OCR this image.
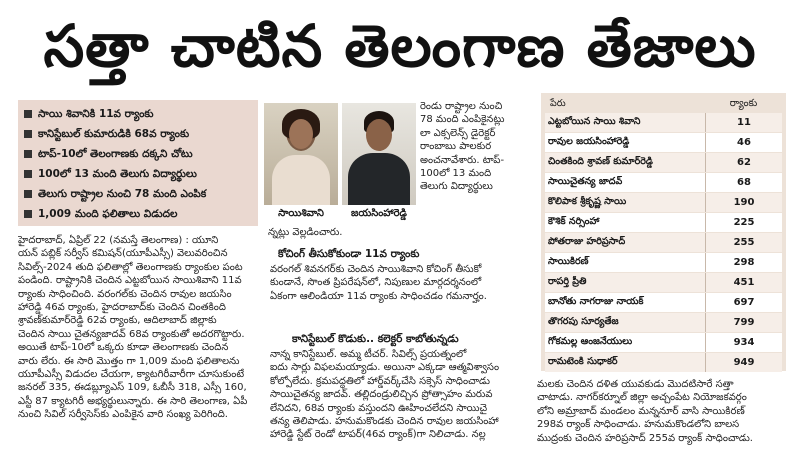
సత్తా చాటిన తెలంగాణ తేజాలు
సాయి శివానికి 11వ ర్యాంకు
కానిస్టేబుల్ కుమారుడికి 68వ ర్యాంకు
టాప్-10లో తెలంగాణకు దక్కని చోటు
100లో 13 మంది తెలుగు విద్యార్థులు
తెలుగు రాష్ట్రాల నుంచి 78 మంది ఎంపిక
1,009 మంది ఫలితాలు విడుదల	సాయిశివాని	జయసింహారెడ్డి
రెండు రాష్ట్రాల నుంచి
78 మంది ఎంపికైనట్లు
లా ఎక్సలెన్స్ డైరెక్టర్
రాంబాబు పాలకుర
అంచనావేశారు. టాప్-
100లో 13 మంది
తెలుగు విద్యార్థులు
న్నట్లు వెల్లడించారు.

హైదరాబాద్, ఏప్రిల్ 22 (నమస్తే తెలంగాణ) : యూని
యన్ పబ్లిక్ సర్వీస్ కమిషన్(యూపీఎస్సీ) వెలువరించిన
సివిల్స్-2024 తుది ఫలితాల్లో తెలంగాణకు ర్యాంకుల పంట
పండింది. రాష్ట్రానికి చెందిన ఎట్టబోయిన సాయిశివాని 11వ
ర్యాంకు సాధించింది. వరంగల్‌కు చెందిన రావుల జయసిం
హారెడ్డి 46వ ర్యాంకు, హైదరాబాద్‌కు చెందిన చింతకింది
శ్రావణ్‌కుమార్‌రెడ్డి 62వ ర్యాంకు, ఆదిలాబాద్ జిల్లాకు
చెందిన సాయి చైతన్యజాదవ్ 68వ ర్యాంకుతో అదరగొట్టారు.
అయితే టాప్-10లో ఒక్కరు కూడా తెలంగాణకు చెందిన
వారు లేరు. ఈ సారి మొత్తం గా 1,009 మంది ఫలితాలను
యూపీఎస్సీ విడుదల చేయగా, క్యాటగిరీవారీగా చూసుకుంటే
జనరల్ 335, ఈడబ్ల్యూఎస్ 109, ఓబీసీ 318, ఎస్సీ 160,
ఎస్టీ 87 క్యాటగిరీ అభ్యర్థులున్నారు. ఈ సారి తెలంగాణ, ఏపీ
నుంచి సివిల్ సర్వీసెస్‌కు ఎంపికైన వారి సంఖ్య పెరిగింది.

కోచింగ్ తీసుకోకుండా 11వ ర్యాంకు
వరంగల్ శివనగర్‌కు చెందిన సాయిశివాని కోచింగ్ తీసుకో
కుండానే, సొంత ప్రిపరేషన్‌లో, నిపుణుల మార్గదర్శనంలో
ఏకంగా ఆలిండియా 11వ ర్యాంకు సాధించడం గమనార్హం.
కానిస్టేబుల్ కొడుకు.. కలెక్టర్ కాబోతున్నడు
నాన్న కానిస్టేబుల్. అమ్మ టీచర్. సివిల్స్ ప్రయత్నంలో
ఐదు సార్లు విఫలమయ్యాడు. అయినా ఎక్కడా ఆత్మవిశ్వాసం
కోల్పోలేదు. క్రమపద్ధతిలో హార్డ్‌వర్క్‌చేసి సక్సెస్ సాధించాడు
సాయిచైతన్య జాదవ్. తల్లిదండ్రులిచ్చిన ప్రోత్సాహం మరువ
లేనిదని, 68వ ర్యాంకు వస్తుందని ఊహించలేదని సాయిచై
తన్య తెలిపాడు. హనుమకొండకు చెందిన రావుల జయసింహా
హారెడ్డి స్టేట్ రెండో టాపర్(46వ ర్యాంక్)గా నిలిచాడు. నల్ల
పేరు	ర్యాంకు
ఎట్టబోయిన సాయి శివాని	11
రావుల జయసింహారెడ్డి	46
చింతకింది శ్రావణ్ కుమార్‌రెడ్డి	62
సాయిచైతన్య జాదవ్	68
కొలిపాక శ్రీకృష్ణ సాయి	190
కౌశిక్ నర్సింహా	225
పోతరాజు హరిప్రసాద్	255
సాయికిరణ్	298
రాపర్తి ప్రీతి	451
బానోతు నాగరాజు నాయక్	697
తొగరపు సూర్యతేజ	799
గోకమల్ల ఆంజనేయులు	934
రామటెంకి సుధాకర్	949
మలకు చెందిన దళిత యువకుడు మొదటిసారే సత్తా
చాటాడు. నాగర్‌కర్నూల్ జిల్లా అచ్చంపేట నియోజకవర్గం
లోని అమ్రాబాద్ మండలం మన్ననూర్ వాసి సాయికిరణ్
298వ ర్యాంక్ సాధించాడు. హనుమకొండలోని బాలస
ముద్రంకు చెందిన హరిప్రసాద్ 255వ ర్యాంక్ సాధించాడు.
